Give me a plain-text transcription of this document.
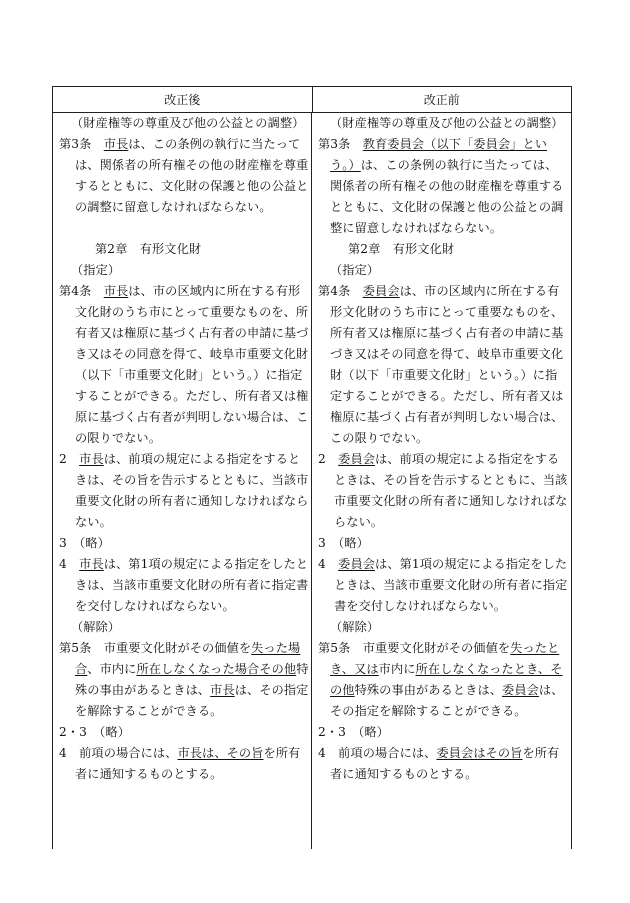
改正後	改正前
（財産権等の尊重及び他の公益との調整）
第3条　市長は、この条例の執行に当たって
は、関係者の所有権その他の財産権を尊重
するとともに、文化財の保護と他の公益と
の調整に留意しなければならない。
第2章　有形文化財
（指定）
第4条　市長は、市の区域内に所在する有形
文化財のうち市にとって重要なものを、所
有者又は権原に基づく占有者の申請に基づ
き又はその同意を得て、岐阜市重要文化財
（以下「市重要文化財」という。）に指定
することができる。ただし、所有者又は権
原に基づく占有者が判明しない場合は、こ
の限りでない。
2　市長は、前項の規定による指定をすると
きは、その旨を告示するとともに、当該市
重要文化財の所有者に通知しなければなら
ない。
3　（略）
4　市長は、第1項の規定による指定をしたと
きは、当該市重要文化財の所有者に指定書
を交付しなければならない。
（解除）
第5条　市重要文化財がその価値を失った場
合、市内に所在しなくなった場合その他特
殊の事由があるときは、市長は、その指定
を解除することができる。
2・3　（略）
4　前項の場合には、市長は、その旨を所有
者に通知するものとする。
（財産権等の尊重及び他の公益との調整）
第3条　教育委員会（以下「委員会」とい
う。）は、この条例の執行に当たっては、
関係者の所有権その他の財産権を尊重する
とともに、文化財の保護と他の公益との調
整に留意しなければならない。
第2章　有形文化財
（指定）
第4条　委員会は、市の区域内に所在する有
形文化財のうち市にとって重要なものを、
所有者又は権原に基づく占有者の申請に基
づき又はその同意を得て、岐阜市重要文化
財（以下「市重要文化財」という。）に指
定することができる。ただし、所有者又は
権原に基づく占有者が判明しない場合は、
この限りでない。
2　委員会は、前項の規定による指定をする
ときは、その旨を告示するとともに、当該
市重要文化財の所有者に通知しなければな
らない。
3　（略）
4　委員会は、第1項の規定による指定をした
ときは、当該市重要文化財の所有者に指定
書を交付しなければならない。
（解除）
第5条　市重要文化財がその価値を失ったと
き、又は市内に所在しなくなったとき、そ
の他特殊の事由があるときは、委員会は、
その指定を解除することができる。
2・3　（略）
4　前項の場合には、委員会はその旨を所有
者に通知するものとする。
